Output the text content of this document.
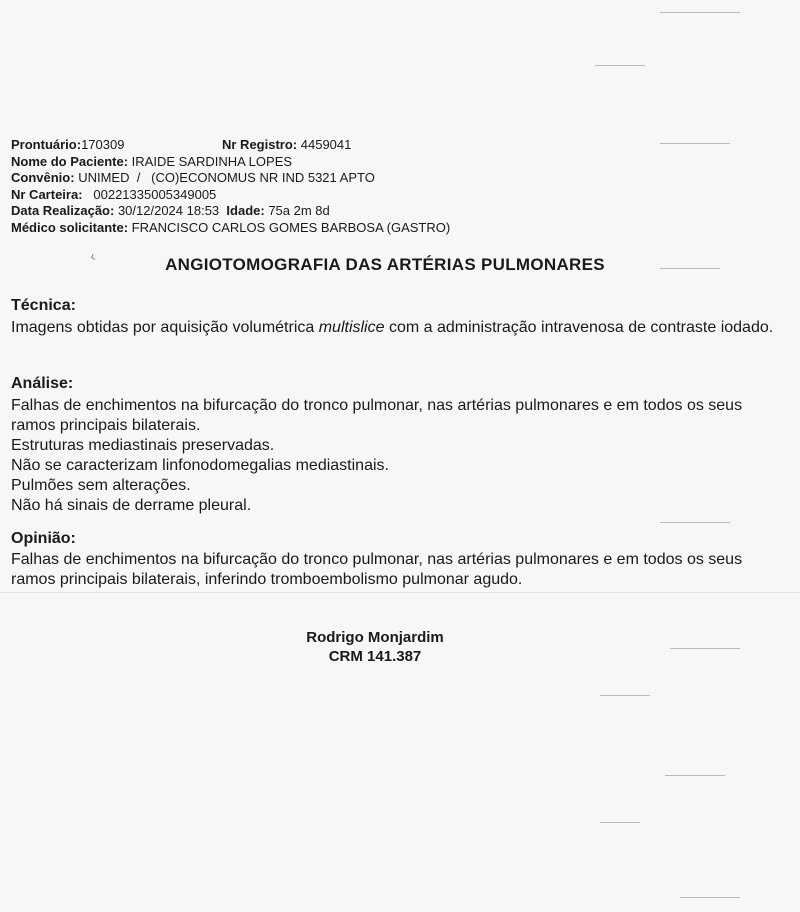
Prontuário:170309	Nr Registro: 4459041
Nome do Paciente: IRAIDE SARDINHA LOPES
Convênio: UNIMED  /   (CO)ECONOMUS NR IND 5321 APTO
Nr Carteira: 00221335005349005
Data Realização: 30/12/2024 18:53 Idade: 75a 2m 8d
Médico solicitante: FRANCISCO CARLOS GOMES BARBOSA (GASTRO)
‹	ANGIOTOMOGRAFIA DAS ARTÉRIAS PULMONARES
Técnica:
Imagens obtidas por aquisição volumétrica multislice com a administração intravenosa de contraste iodado.
Análise:

Falhas de enchimentos na bifurcação do tronco pulmonar, nas artérias pulmonares e em todos os seus ramos principais bilaterais.

Estruturas mediastinais preservadas.

Não se caracterizam linfonodomegalias mediastinais.

Pulmões sem alterações.

Não há sinais de derrame pleural.

Opinião:
Falhas de enchimentos na bifurcação do tronco pulmonar, nas artérias pulmonares e em todos os seus ramos principais bilaterais, inferindo tromboembolismo pulmonar agudo.
Rodrigo Monjardim
CRM 141.387
